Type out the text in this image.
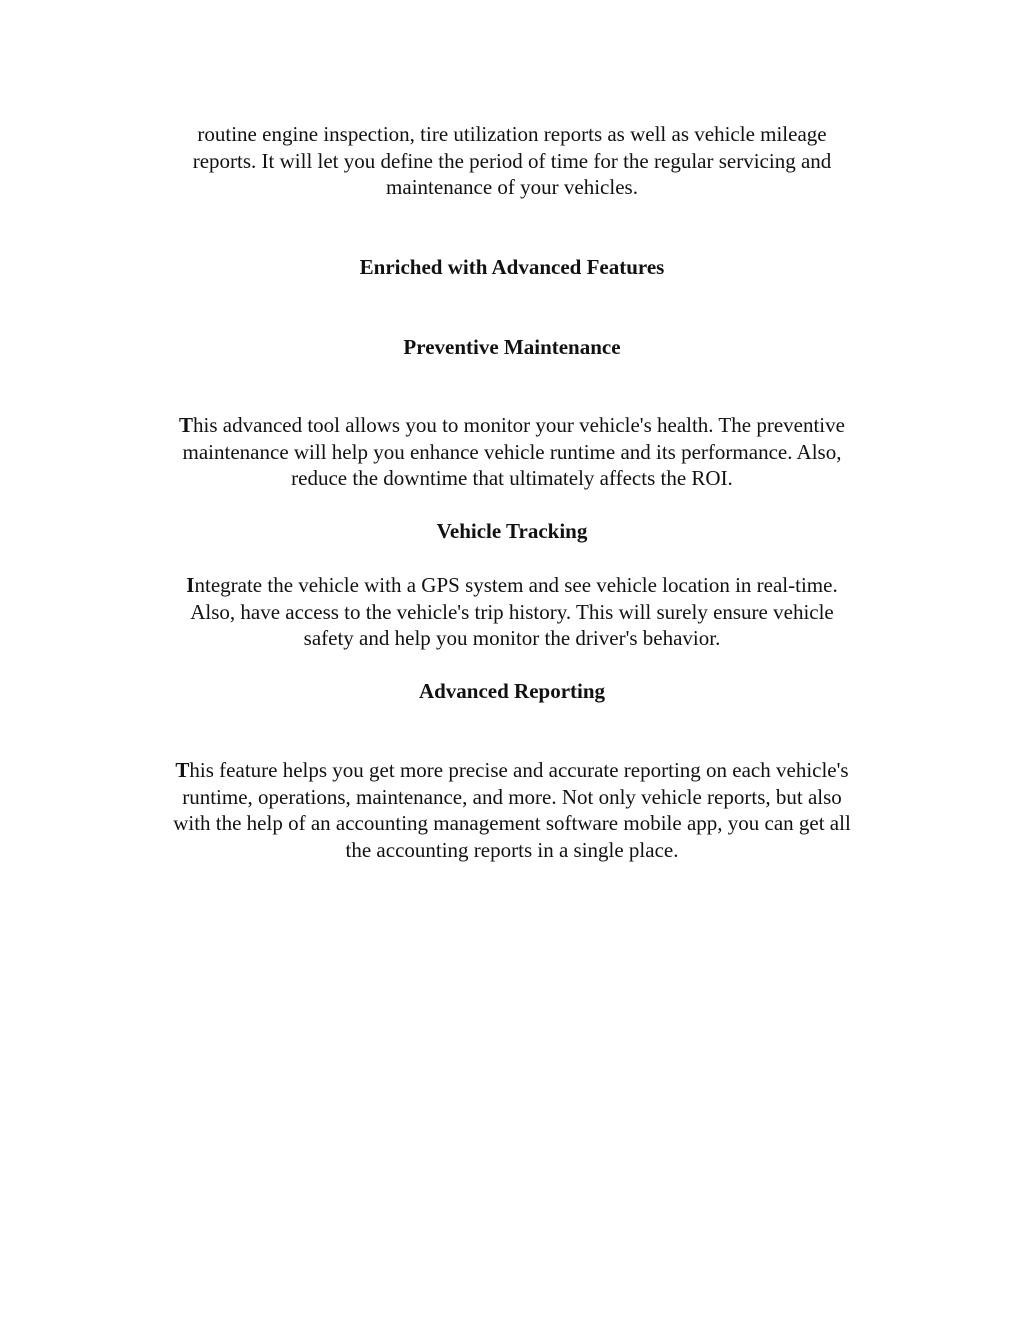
routine engine inspection, tire utilization reports as well as vehicle mileage
reports. It will let you define the period of time for the regular servicing and
maintenance of your vehicles.
Enriched with Advanced Features
Preventive Maintenance
This advanced tool allows you to monitor your vehicle's health. The preventive
maintenance will help you enhance vehicle runtime and its performance. Also,
reduce the downtime that ultimately affects the ROI.
Vehicle Tracking
Integrate the vehicle with a GPS system and see vehicle location in real-time.
Also, have access to the vehicle's trip history. This will surely ensure vehicle
safety and help you monitor the driver's behavior.
Advanced Reporting
This feature helps you get more precise and accurate reporting on each vehicle's
runtime, operations, maintenance, and more. Not only vehicle reports, but also
with the help of an accounting management software mobile app, you can get all
the accounting reports in a single place.
